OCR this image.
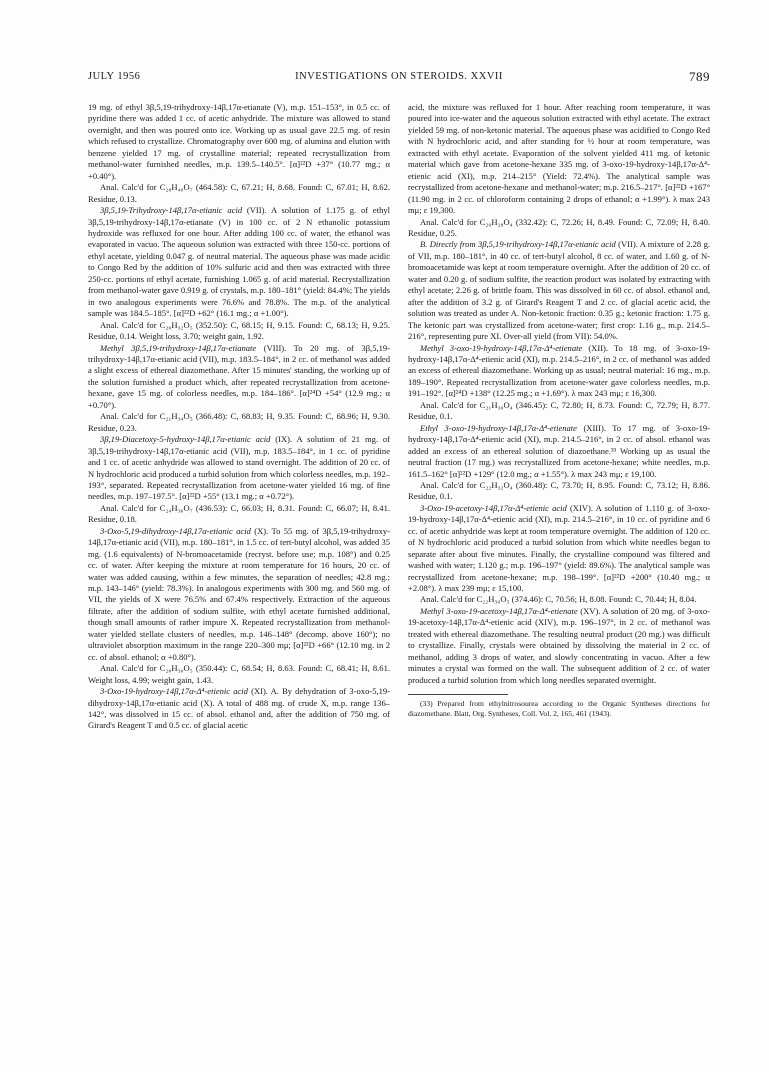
JULY 1956	INVESTIGATIONS ON STEROIDS. XXVII	789

19 mg. of ethyl 3β,5,19-trihydroxy-14β,17α-etianate (V), m.p. 151–153°, in 0.5 cc. of pyridine there was added 1 cc. of acetic anhydride. The mixture was allowed to stand overnight, and then was poured onto ice. Working up as usual gave 22.5 mg. of resin which refused to crystallize. Chromatography over 600 mg. of alumina and elution with benzene yielded 17 mg. of crystalline material; repeated recrystallization from methanol-water furnished needles, m.p. 139.5–140.5°. [α]²²D +37° (10.77 mg.; α +0.40°).

Anal. Calc'd for C₂₈H₄₀O₇ (464.58): C, 67.21; H, 8.68. Found: C, 67.01; H, 8.62. Residue, 0.13.

3β,5,19-Trihydroxy-14β,17α-etianic acid (VII). A solution of 1.175 g. of ethyl 3β,5,19-trihydroxy-14β,17α-etianate (V) in 100 cc. of 2 N ethanolic potassium hydroxide was refluxed for one hour. After adding 100 cc. of water, the ethanol was evaporated in vacuo. The aqueous solution was extracted with three 150-cc. portions of ethyl acetate, yielding 0.047 g. of neutral material. The aqueous phase was made acidic to Congo Red by the addition of 10% sulfuric acid and then was extracted with three 250-cc. portions of ethyl acetate, furnishing 1.065 g. of acid material. Recrystallization from methanol-water gave 0.919 g. of crystals, m.p. 180–181° (yield: 84.4%; The yields in two analogous experiments were 76.6% and 78.8%. The m.p. of the analytical sample was 184.5–185°. [α]²²D +62° (16.1 mg.; α +1.00°).

Anal. Calc'd for C₂₀H₃₂O₅ (352.50): C, 68.15; H, 9.15. Found: C, 68.13; H, 9.25. Residue, 0.14. Weight loss, 3.70; weight gain, 1.92.

Methyl 3β,5,19-trihydroxy-14β,17α-etianate (VIII). To 20 mg. of 3β,5,19-trihydroxy-14β,17α-etianic acid (VII), m.p. 183.5–184°, in 2 cc. of methanol was added a slight excess of ethereal diazomethane. After 15 minutes' standing, the working up of the solution furnished a product which, after repeated recrystallization from acetone-hexane, gave 15 mg. of colorless needles, m.p. 184–186°. [α]²⁴D +54° (12.9 mg.; α +0.70°).

Anal. Calc'd for C₂₁H₃₄O₅ (366.48): C, 68.83; H, 9.35. Found: C, 68.96; H, 9.30. Residue, 0.23.

3β,19-Diacetoxy-5-hydroxy-14β,17α-etianic acid (IX). A solution of 21 mg. of 3β,5,19-trihydroxy-14β,17α-etianic acid (VII), m.p. 183.5–184°, in 1 cc. of pyridine and 1 cc. of acetic anhydride was allowed to stand overnight. The addition of 20 cc. of N hydrochloric acid produced a turbid solution from which colorless needles, m.p. 192–193°, separated. Repeated recrystallization from acetone-water yielded 16 mg. of fine needles, m.p. 197–197.5°. [α]²²D +55° (13.1 mg.; α +0.72°).

Anal. Calc'd for C₂₄H₃₆O₇ (436.53): C, 66.03; H, 8.31. Found: C, 66.07; H, 8.41. Residue, 0.18.

3-Oxo-5,19-dihydroxy-14β,17α-etianic acid (X). To 55 mg. of 3β,5,19-trihydroxy-14β,17α-etianic acid (VII), m.p. 180–181°, in 1.5 cc. of tert-butyl alcohol, was added 35 mg. (1.6 equivalents) of N-bromoacetamide (recryst. before use; m.p. 108°) and 0.25 cc. of water. After keeping the mixture at room temperature for 16 hours, 20 cc. of water was added causing, within a few minutes, the separation of needles; 42.8 mg.; m.p. 143–146° (yield: 78.3%). In analogous experiments with 300 mg. and 560 mg. of VII, the yields of X were 76.5% and 67.4% respectively. Extraction of the aqueous filtrate, after the addition of sodium sulfite, with ethyl acetate furnished additional, though small amounts of rather impure X. Repeated recrystallization from methanol-water yielded stellate clusters of needles, m.p. 146–148° (decomp. above 160°); no ultraviolet absorption maximum in the range 220–300 mμ; [α]²²D +66° (12.10 mg. in 2 cc. of absol. ethanol; α +0.80°).

Anal. Calc'd for C₂₀H₃₀O₅ (350.44): C, 68.54; H, 8.63. Found: C, 68.41; H, 8.61. Weight loss, 4.99; weight gain, 1.43.

3-Oxo-19-hydroxy-14β,17α-Δ⁴-etienic acid (XI). A. By dehydration of 3-oxo-5,19-dihydroxy-14β,17α-etianic acid (X). A total of 488 mg. of crude X, m.p. range 136–142°, was dissolved in 15 cc. of absol. ethanol and, after the addition of 750 mg. of Girard's Reagent T and 0.5 cc. of glacial acetic

acid, the mixture was refluxed for 1 hour. After reaching room temperature, it was poured into ice-water and the aqueous solution extracted with ethyl acetate. The extract yielded 59 mg. of non-ketonic material. The aqueous phase was acidified to Congo Red with N hydrochloric acid, and after standing for ½ hour at room temperature, was extracted with ethyl acetate. Evaporation of the solvent yielded 411 mg. of ketonic material which gave from acetone-hexane 335 mg. of 3-oxo-19-hydroxy-14β,17α-Δ⁴-etienic acid (XI), m.p. 214–215° (Yield: 72.4%). The analytical sample was recrystallized from acetone-hexane and methanol-water; m.p. 216.5–217°. [α]²²D +167° (11.90 mg. in 2 cc. of chloroform containing 2 drops of ethanol; α +1.99°). λ max 243 mμ; ε 19,300.

Anal. Calc'd for C₂₀H₂₈O₄ (332.42): C, 72.26; H, 8.49. Found: C, 72.09; H, 8.40. Residue, 0.25.

B. Directly from 3β,5,19-trihydroxy-14β,17α-etianic acid (VII). A mixture of 2.28 g. of VII, m.p. 180–181°, in 40 cc. of tert-butyl alcohol, 8 cc. of water, and 1.60 g. of N-bromoacetamide was kept at room temperature overnight. After the addition of 20 cc. of water and 0.20 g. of sodium sulfite, the reaction product was isolated by extracting with ethyl acetate; 2.26 g. of brittle foam. This was dissolved in 60 cc. of absol. ethanol and, after the addition of 3.2 g. of Girard's Reagent T and 2 cc. of glacial acetic acid, the solution was treated as under A. Non-ketonic fraction: 0.35 g.; ketonic fraction: 1.75 g. The ketonic part was crystallized from acetone-water; first crop: 1.16 g., m.p. 214.5–216°, representing pure XI. Over-all yield (from VII): 54.0%.

Methyl 3-oxo-19-hydroxy-14β,17α-Δ⁴-etienate (XII). To 18 mg. of 3-oxo-19-hydroxy-14β,17α-Δ⁴-etienic acid (XI), m.p. 214.5–216°, in 2 cc. of methanol was added an excess of ethereal diazomethane. Working up as usual; neutral material: 16 mg., m.p. 189–190°. Repeated recrystallization from acetone-water gave colorless needles, m.p. 191–192°. [α]²⁴D +138° (12.25 mg.; α +1.69°). λ max 243 mμ; ε 16,300.

Anal. Calc'd for C₂₁H₃₀O₄ (346.45): C, 72.80; H, 8.73. Found: C, 72.79; H, 8.77. Residue, 0.1.

Ethyl 3-oxo-19-hydroxy-14β,17α-Δ⁴-etienate (XIII). To 17 mg. of 3-oxo-19-hydroxy-14β,17α-Δ⁴-etienic acid (XI), m.p. 214.5–216°, in 2 cc. of absol. ethanol was added an excess of an ethereal solution of diazoethane.³³ Working up as usual the neutral fraction (17 mg.) was recrystallized from acetone-hexane; white needles, m.p. 161.5–162° [α]²²D +129° (12.0 mg.; α +1.55°). λ max 243 mμ; ε 19,100.

Anal. Calc'd for C₂₂H₃₂O₄ (360.48): C, 73.70; H, 8.95. Found: C, 73.12; H, 8.86. Residue, 0.1.

3-Oxo-19-acetoxy-14β,17α-Δ⁴-etienic acid (XIV). A solution of 1.110 g. of 3-oxo-19-hydroxy-14β,17α-Δ⁴-etienic acid (XI), m.p. 214.5–216°, in 10 cc. of pyridine and 6 cc. of acetic anhydride was kept at room temperature overnight. The addition of 120 cc. of N hydrochloric acid produced a turbid solution from which white needles began to separate after about five minutes. Finally, the crystalline compound was filtered and washed with water; 1.120 g.; m.p. 196–197° (yield: 89.6%). The analytical sample was recrystallized from acetone-hexane; m.p. 198–199°. [α]²²D +200° (10.40 mg.; α +2.08°). λ max 239 mμ; ε 15,100.

Anal. Calc'd for C₂₂H₃₀O₅ (374.46): C, 70.56; H, 8.08. Found: C, 70.44; H, 8.04.

Methyl 3-oxo-19-acetoxy-14β,17α-Δ⁴-etienate (XV). A solution of 20 mg. of 3-oxo-19-acetoxy-14β,17α-Δ⁴-etienic acid (XIV), m.p. 196–197°, in 2 cc. of methanol was treated with ethereal diazomethane. The resulting neutral product (20 mg.) was difficult to crystallize. Finally, crystals were obtained by dissolving the material in 2 cc. of methanol, adding 3 drops of water, and slowly concentrating in vacuo. After a few minutes a crystal was formed on the wall. The subsequent addition of 2 cc. of water produced a turbid solution from which long needles separated overnight.

(33) Prepared from ethylnitrosourea according to the Organic Syntheses directions for diazomethane. Blatt, Org. Syntheses, Coll. Vol. 2, 165, 461 (1943).
